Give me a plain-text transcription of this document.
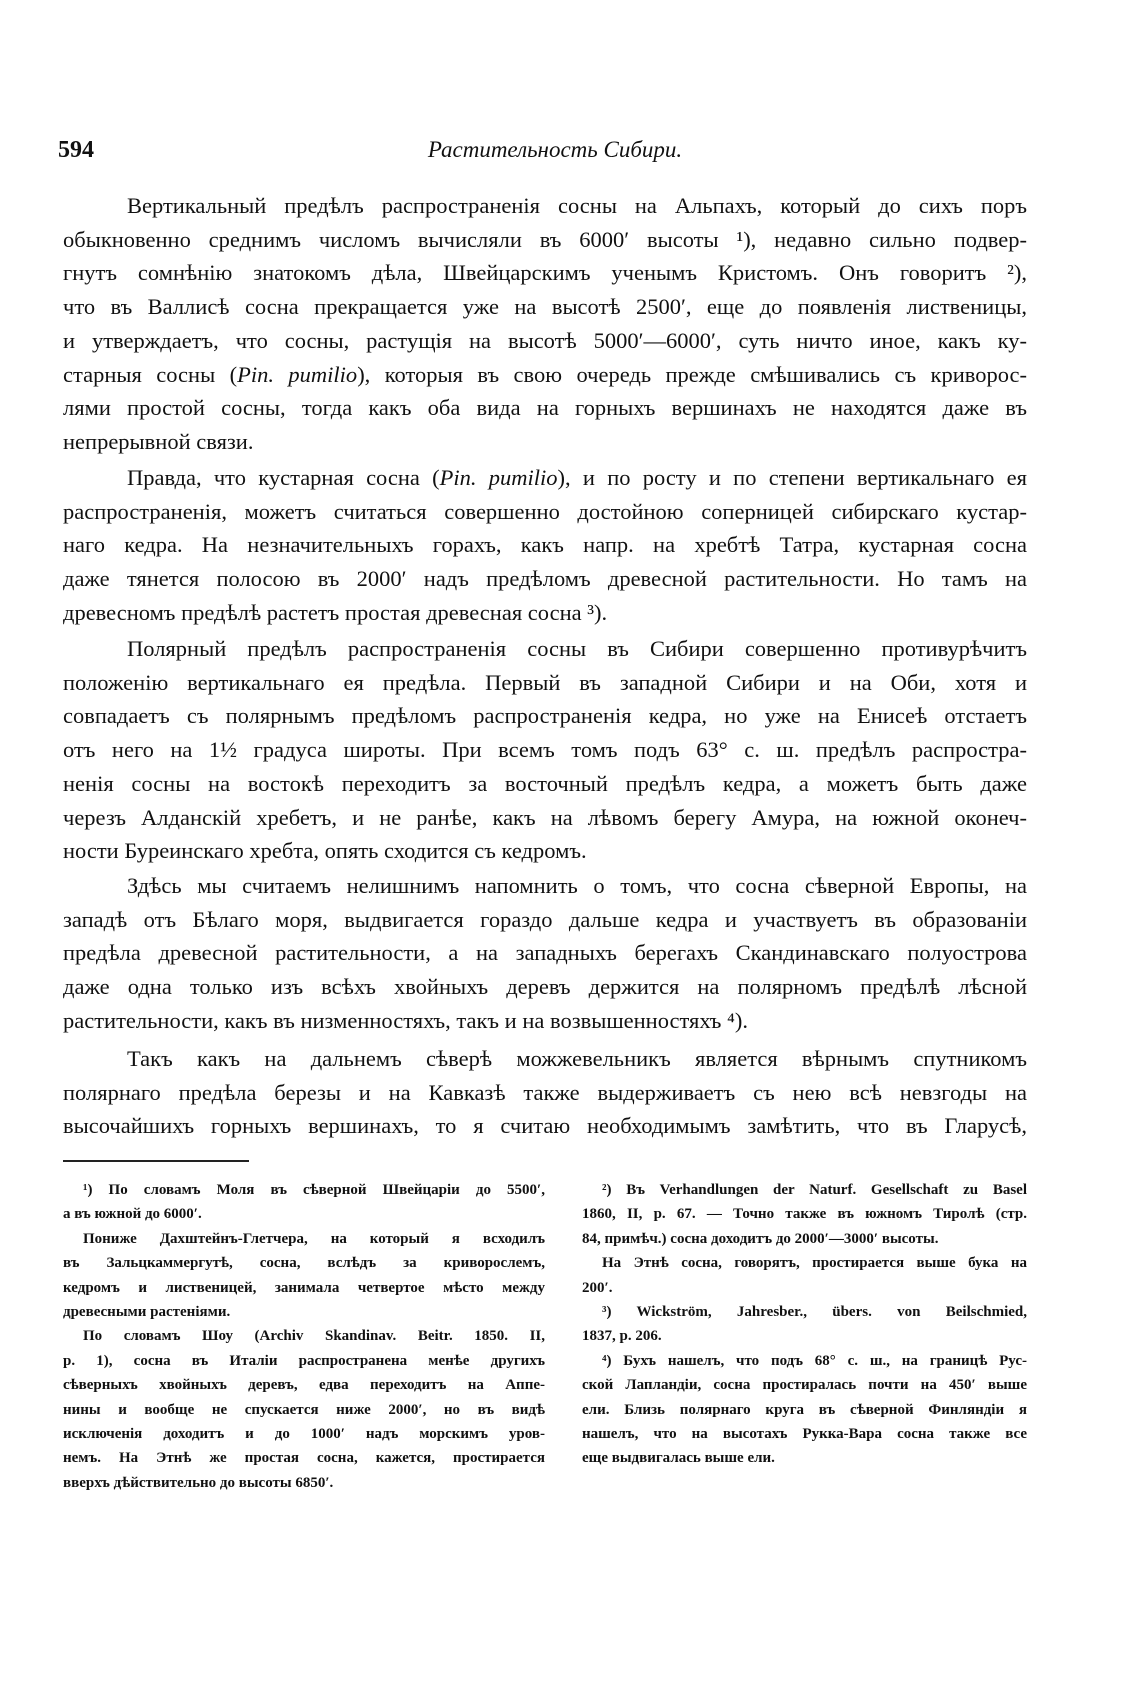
594	Растительность Сибири.
Вертикальный предѣлъ распространенія сосны на Альпахъ, который до сихъ поръ
обыкновенно среднимъ числомъ вычисляли въ 6000′ высоты ¹), недавно сильно подвер-
гнутъ сомнѣнію знатокомъ дѣла, Швейцарскимъ ученымъ Кристомъ. Онъ говоритъ ²),
что въ Валлисѣ сосна прекращается уже на высотѣ 2500′, еще до появленія лиственицы,
и утверждаетъ, что сосны, растущія на высотѣ 5000′—6000′, суть ничто иное, какъ ку-
старныя сосны (Pin. pumilio), которыя въ свою очередь прежде смѣшивались съ криворос-
лями простой сосны, тогда какъ оба вида на горныхъ вершинахъ не находятся даже въ
непрерывной связи.
Правда, что кустарная сосна (Pin. pumilio), и по росту и по степени вертикальнаго ея
распространенія, можетъ считаться совершенно достойною соперницей сибирскаго кустар-
наго кедра. На незначительныхъ горахъ, какъ напр. на хребтѣ Татра, кустарная сосна
даже тянется полосою въ 2000′ надъ предѣломъ древесной растительности. Но тамъ на
древесномъ предѣлѣ растетъ простая древесная сосна ³).
Полярный предѣлъ распространенія сосны въ Сибири совершенно противурѣчитъ
положенію вертикальнаго ея предѣла. Первый въ западной Сибири и на Оби, хотя и
совпадаетъ съ полярнымъ предѣломъ распространенія кедра, но уже на Енисеѣ отстаетъ
отъ него на 1½ градуса широты. При всемъ томъ подъ 63° с. ш. предѣлъ распростра-
ненія сосны на востокѣ переходитъ за восточный предѣлъ кедра, а можетъ быть даже
черезъ Алданскій хребетъ, и не ранѣе, какъ на лѣвомъ берегу Амура, на южной оконеч-
ности Буреинскаго хребта, опять сходится съ кедромъ.
Здѣсь мы считаемъ нелишнимъ напомнить о томъ, что сосна сѣверной Европы, на
западѣ отъ Бѣлаго моря, выдвигается гораздо дальше кедра и участвуетъ въ образованіи
предѣла древесной растительности, а на западныхъ берегахъ Скандинавскаго полуострова
даже одна только изъ всѣхъ хвойныхъ деревъ держится на полярномъ предѣлѣ лѣсной
растительности, какъ въ низменностяхъ, такъ и на возвышенностяхъ ⁴).
Такъ какъ на дальнемъ сѣверѣ можжевельникъ является вѣрнымъ спутникомъ
полярнаго предѣла березы и на Кавказѣ также выдерживаетъ съ нею всѣ невзгоды на
высочайшихъ горныхъ вершинахъ, то я считаю необходимымъ замѣтить, что въ Гларусѣ,
¹) По словамъ Моля въ сѣверной Швейцаріи до 5500′,
а въ южной до 6000′.
Пониже Дахштейнъ-Глетчера, на который я всходилъ
въ Зальцкаммергутѣ, сосна, вслѣдъ за криворослемъ,
кедромъ и лиственицей, занимала четвертое мѣсто между
древесными растеніями.
По словамъ Шоу (Archiv Skandinav. Beitr. 1850. II,
p. 1), сосна въ Италіи распространена менѣе другихъ
сѣверныхъ хвойныхъ деревъ, едва переходитъ на Аппе-
нины и вообще не спускается ниже 2000′, но въ видѣ
исключенія доходитъ и до 1000′ надъ морскимъ уров-
немъ. На Этнѣ же простая сосна, кажется, простирается
вверхъ дѣйствительно до высоты 6850′.
²) Въ Verhandlungen der Naturf. Gesellschaft zu Basel
1860, II, p. 67. — Точно также въ южномъ Тиролѣ (стр.
84, примѣч.) сосна доходитъ до 2000′—3000′ высоты.
На Этнѣ сосна, говорятъ, простирается выше бука на
200′.
³) Wickström, Jahresber., übers. von Beilschmied,
1837, p. 206.
⁴) Бухъ нашелъ, что подъ 68° с. ш., на границѣ Рус-
ской Лапландіи, сосна простиралась почти на 450′ выше
ели. Близь полярнаго круга въ сѣверной Финляндіи я
нашелъ, что на высотахъ Рукка-Вара сосна также все
еще выдвигалась выше ели.
